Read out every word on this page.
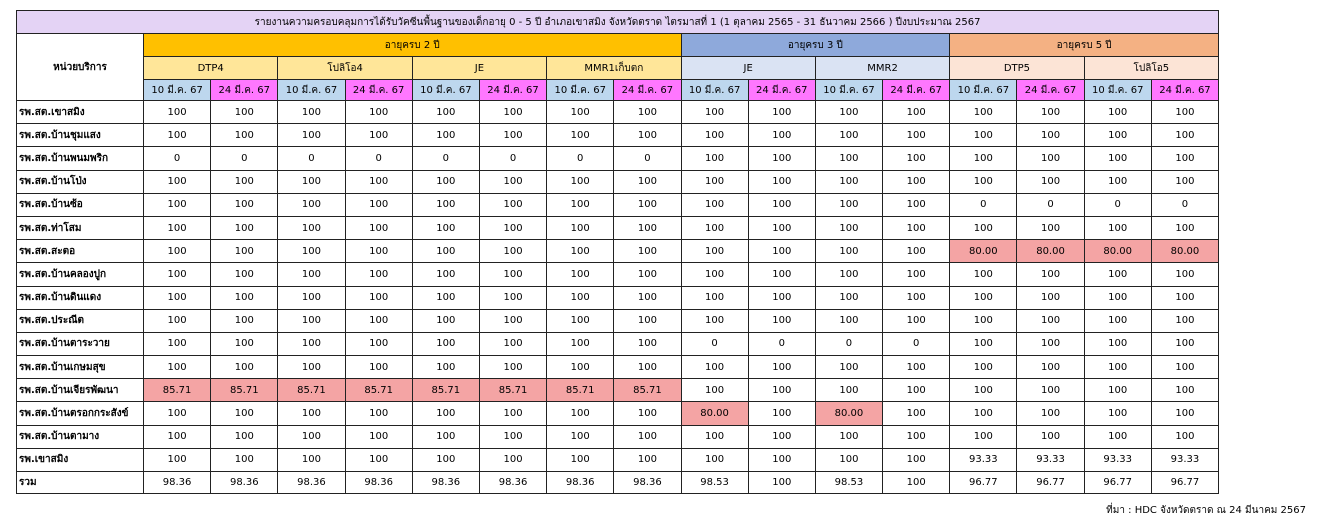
รายงานความครอบคลุมการได้รับวัคซีนพื้นฐานของเด็กอายุ 0 - 5 ปี อำเภอเขาสมิง จังหวัดตราด ไตรมาสที่ 1 (1 ตุลาคม 2565 - 31 ธันวาคม 2566 ) ปีงบประมาณ 2567																
หน่วยบริการ	อายุครบ 2 ปี								อายุครบ 3 ปี				อายุครบ 5 ปี			
	DTP4		โปลิโอ4		JE		MMR1เก็บตก		JE		MMR2		DTP5		โปลิโอ5	
	10 มี.ค. 67	24 มี.ค. 67	10 มี.ค. 67	24 มี.ค. 67	10 มี.ค. 67	24 มี.ค. 67	10 มี.ค. 67	24 มี.ค. 67	10 มี.ค. 67	24 มี.ค. 67	10 มี.ค. 67	24 มี.ค. 67	10 มี.ค. 67	24 มี.ค. 67	10 มี.ค. 67	24 มี.ค. 67
รพ.สต.เขาสมิง	100	100	100	100	100	100	100	100	100	100	100	100	100	100	100	100
รพ.สต.บ้านชุมแสง	100	100	100	100	100	100	100	100	100	100	100	100	100	100	100	100
รพ.สต.บ้านพนมพริก	0	0	0	0	0	0	0	0	100	100	100	100	100	100	100	100
รพ.สต.บ้านโป่ง	100	100	100	100	100	100	100	100	100	100	100	100	100	100	100	100
รพ.สต.บ้านซ้อ	100	100	100	100	100	100	100	100	100	100	100	100	0	0	0	0
รพ.สต.ท่าโสม	100	100	100	100	100	100	100	100	100	100	100	100	100	100	100	100
รพ.สต.สะตอ	100	100	100	100	100	100	100	100	100	100	100	100	80.00	80.00	80.00	80.00
รพ.สต.บ้านคลองปูก	100	100	100	100	100	100	100	100	100	100	100	100	100	100	100	100
รพ.สต.บ้านดินแดง	100	100	100	100	100	100	100	100	100	100	100	100	100	100	100	100
รพ.สต.ประณีต	100	100	100	100	100	100	100	100	100	100	100	100	100	100	100	100
รพ.สต.บ้านตาระวาย	100	100	100	100	100	100	100	100	0	0	0	0	100	100	100	100
รพ.สต.บ้านเกษมสุข	100	100	100	100	100	100	100	100	100	100	100	100	100	100	100	100
รพ.สต.บ้านเจียรพัฒนา	85.71	85.71	85.71	85.71	85.71	85.71	85.71	85.71	100	100	100	100	100	100	100	100
รพ.สต.บ้านตรอกกระสังข์	100	100	100	100	100	100	100	100	80.00	100	80.00	100	100	100	100	100
รพ.สต.บ้านตามาง	100	100	100	100	100	100	100	100	100	100	100	100	100	100	100	100
รพ.เขาสมิง	100	100	100	100	100	100	100	100	100	100	100	100	93.33	93.33	93.33	93.33
รวม	98.36	98.36	98.36	98.36	98.36	98.36	98.36	98.36	98.53	100	98.53	100	96.77	96.77	96.77	96.77
ที่มา : HDC จังหวัดตราด ณ 24 มีนาคม 2567
